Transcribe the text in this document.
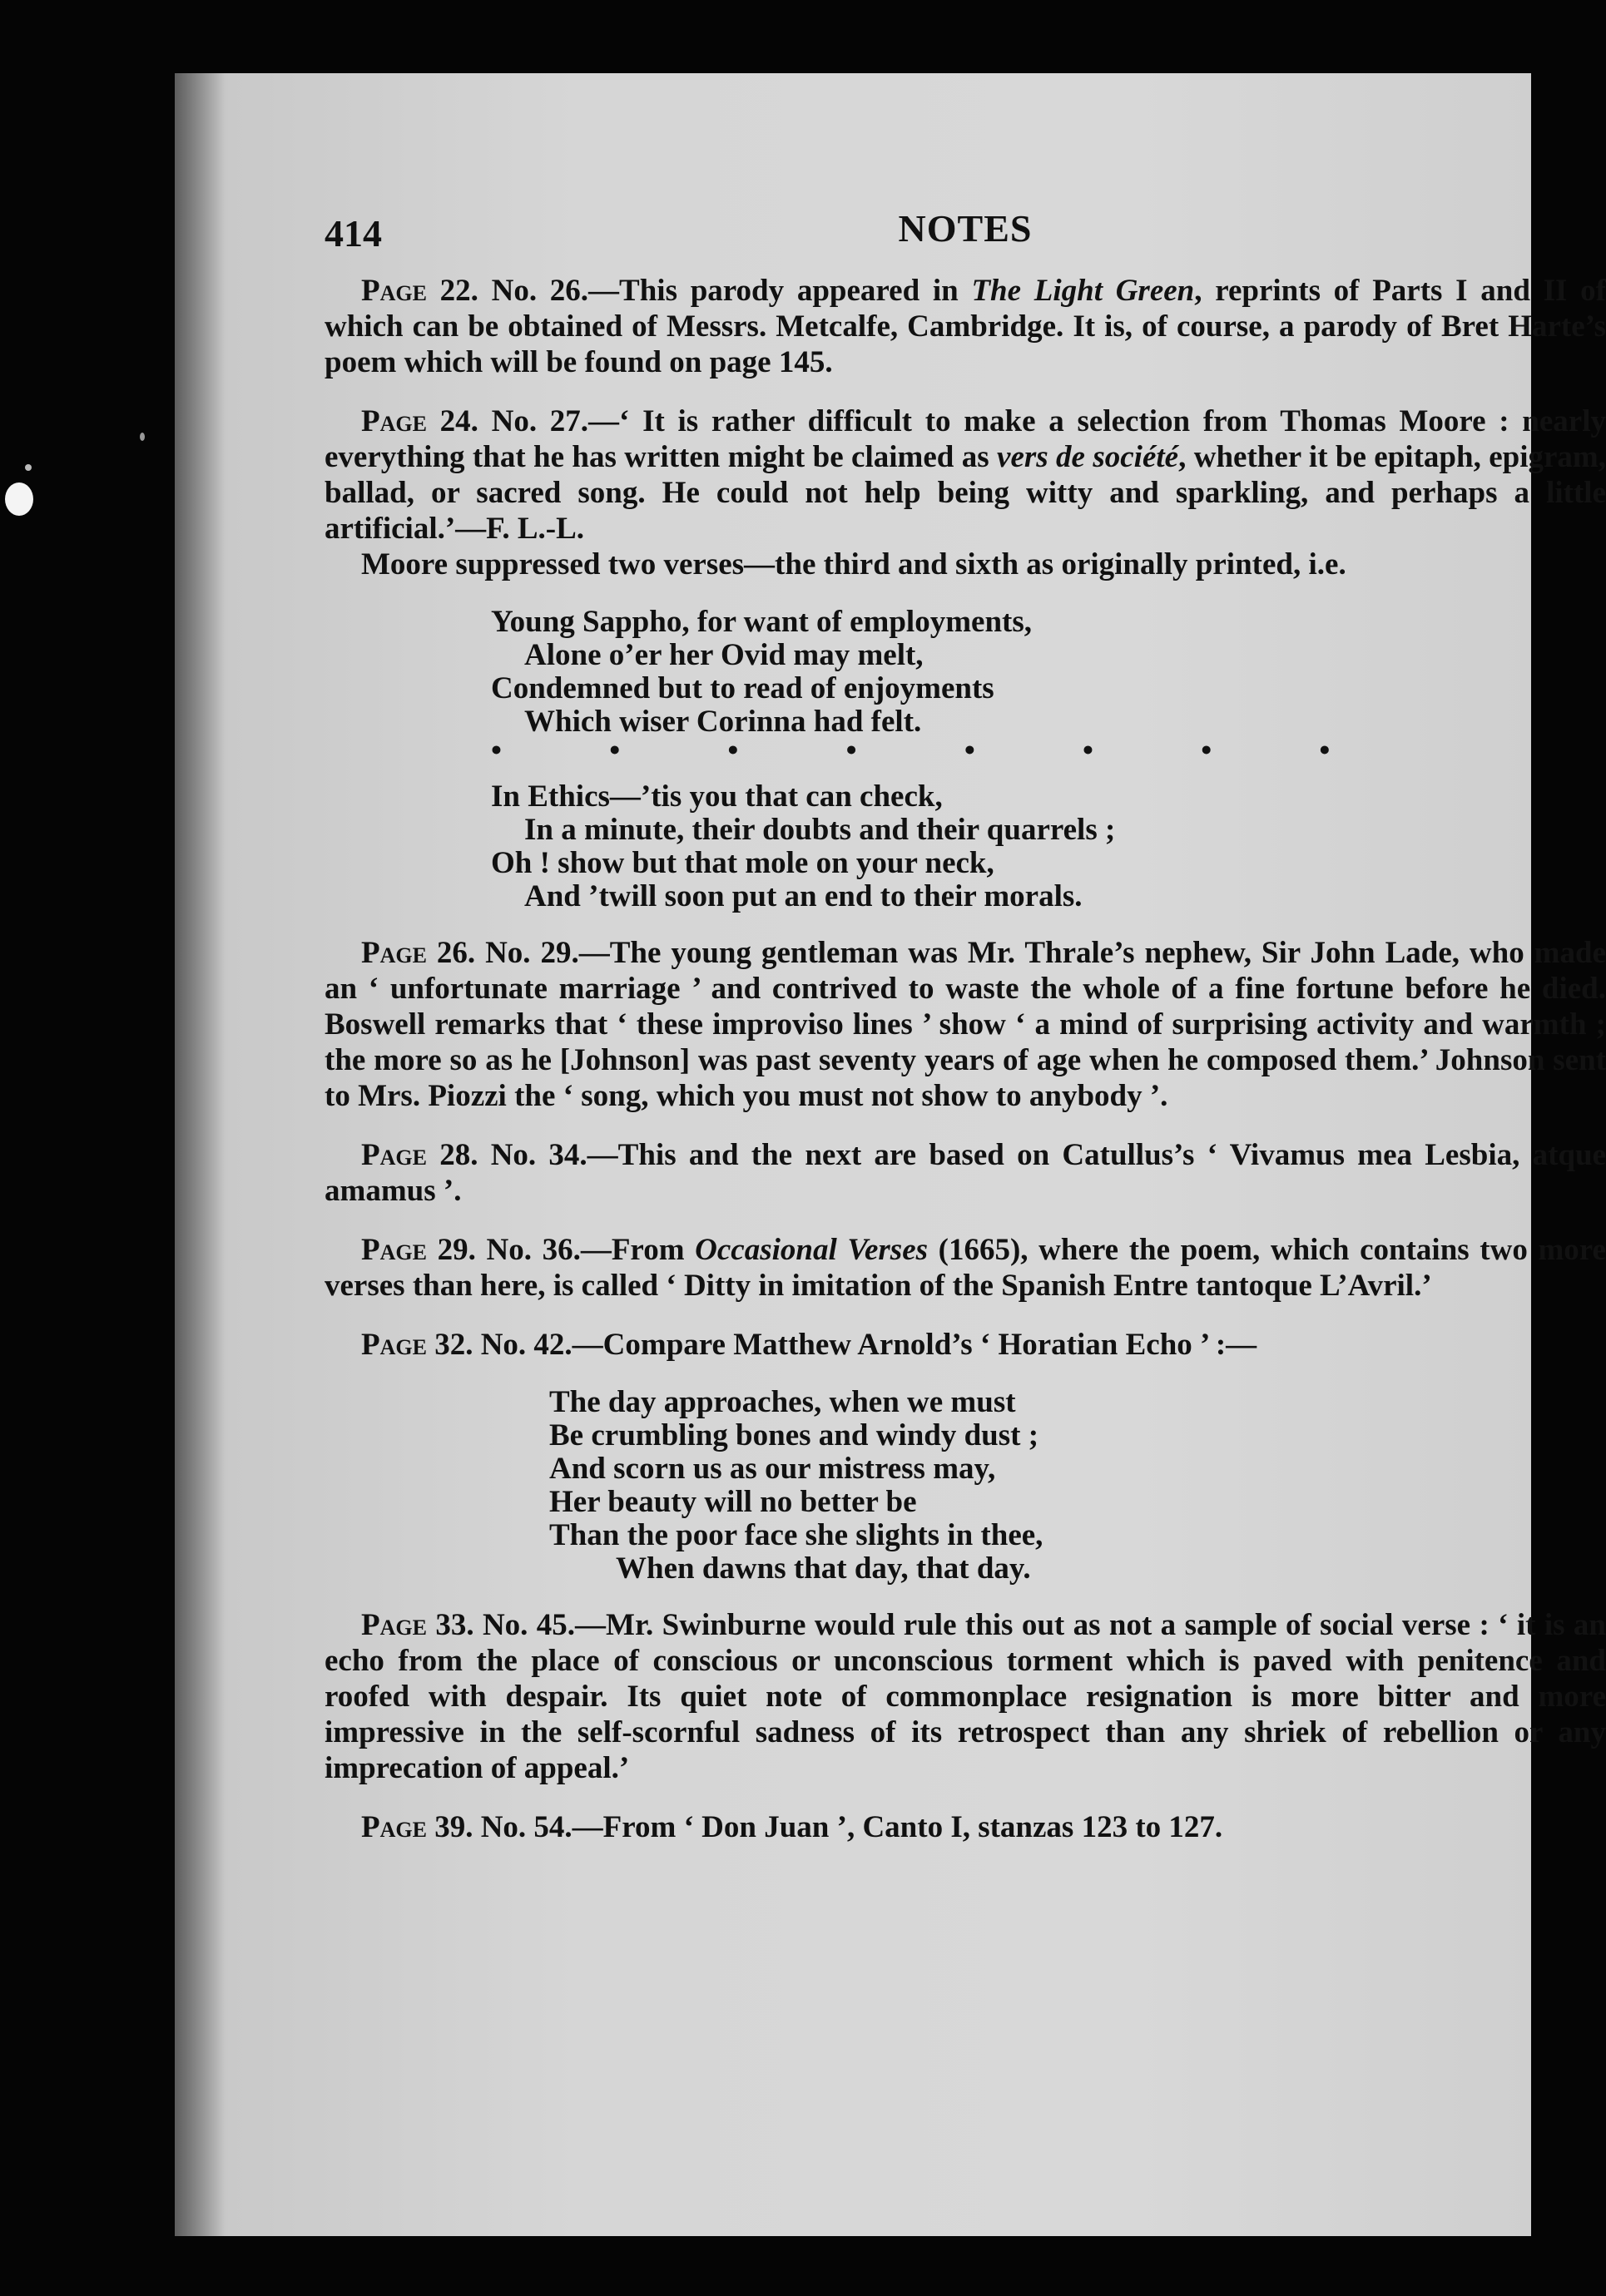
414	NOTES

Page 22. No. 26.—This parody appeared in The Light Green, reprints of Parts I and II of which can be obtained of Messrs. Metcalfe, Cambridge. It is, of course, a parody of Bret Harte’s poem which will be found on page 145.

Page 24. No. 27.—‘ It is rather difficult to make a selection from Thomas Moore : nearly everything that he has written might be claimed as vers de société, whether it be epitaph, epigram, ballad, or sacred song. He could not help being witty and sparkling, and perhaps a little artificial.’—F. L.-L.

Moore suppressed two verses—the third and sixth as originally printed, i.e.

Young Sappho, for want of employments,
Alone o’er her Ovid may melt,
Condemned but to read of enjoyments
Which wiser Corinna had felt.
• • • • • • • •
In Ethics—’tis you that can check,
In a minute, their doubts and their quarrels ;
Oh ! show but that mole on your neck,
And ’twill soon put an end to their morals.

Page 26. No. 29.—The young gentleman was Mr. Thrale’s nephew, Sir John Lade, who made an ‘ unfortunate marriage ’ and contrived to waste the whole of a fine fortune before he died. Boswell remarks that ‘ these improviso lines ’ show ‘ a mind of surprising activity and warmth ; the more so as he [Johnson] was past seventy years of age when he composed them.’ Johnson sent to Mrs. Piozzi the ‘ song, which you must not show to anybody ’.

Page 28. No. 34.—This and the next are based on Catullus’s ‘ Vivamus mea Lesbia, atque amamus ’.

Page 29. No. 36.—From Occasional Verses (1665), where the poem, which contains two more verses than here, is called ‘ Ditty in imitation of the Spanish Entre tantoque L’Avril.’

Page 32. No. 42.—Compare Matthew Arnold’s ‘ Horatian Echo ’ :—

The day approaches, when we must
Be crumbling bones and windy dust ;
And scorn us as our mistress may,
Her beauty will no better be
Than the poor face she slights in thee,
When dawns that day, that day.

Page 33. No. 45.—Mr. Swinburne would rule this out as not a sample of social verse : ‘ it is an echo from the place of conscious or unconscious torment which is paved with penitence and roofed with despair. Its quiet note of commonplace resignation is more bitter and more impressive in the self-scornful sadness of its retrospect than any shriek of rebellion or any imprecation of appeal.’

Page 39. No. 54.—From ‘ Don Juan ’, Canto I, stanzas 123 to 127.
